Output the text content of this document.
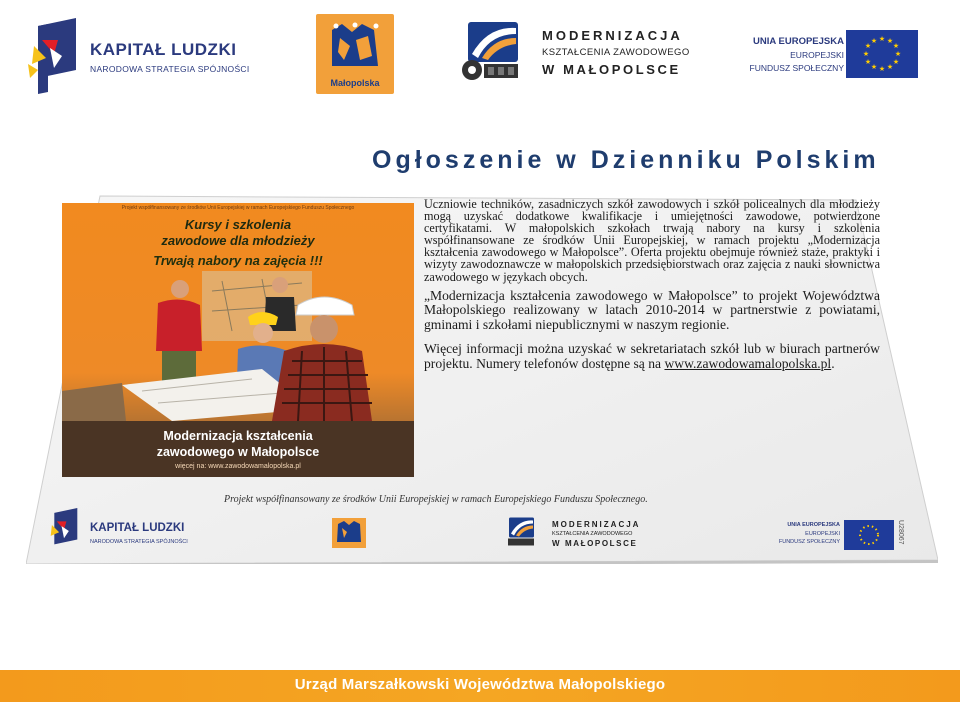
KAPITAŁ LUDZKI
NARODOWA STRATEGIA SPÓJNOŚCI
Małopolska
MODERNIZACJA
KSZTAŁCENIA ZAWODOWEGO
W MAŁOPOLSCE
UNIA EUROPEJSKA
EUROPEJSKI
FUNDUSZ SPOŁECZNY
★ ★
★
★
★
★
★
★
★
★
★
★
Ogłoszenie w Dzienniku Polskim
Projekt współfinansowany ze środków Unii Europejskiej w ramach Europejskiego Funduszu Społecznego
Kursy i szkolenia
zawodowe dla młodzieży
Trwają nabory na zajęcia !!!
Modernizacja kształcenia
zawodowego w Małopolsce
więcej na: www.zawodowamalopolska.pl

Uczniowie techników, zasadniczych szkół zawodowych i szkół policealnych dla młodzieży mogą uzyskać dodatkowe kwalifikacje i umiejętności zawodowe, potwierdzone certyfikatami. W małopolskich szkołach trwają nabory na kursy i szkolenia współfinansowane ze środków Unii Europejskiej, w ramach projektu „Modernizacja kształcenia zawodowego w Małopolsce”. Oferta projektu obejmuje również staże, praktyki i wizyty zawodoznawcze w małopolskich przedsiębiorstwach oraz zajęcia z nauki słownictwa zawodowego w językach obcych.

„Modernizacja kształcenia zawodowego w Małopolsce” to projekt Województwa Małopolskiego realizowany w latach 2010-2014 w partnerstwie z powiatami, gminami i szkołami niepublicznymi w naszym regionie.

Więcej informacji można uzyskać w sekretariatach szkół lub w biurach partnerów projektu. Numery telefonów dostępne są na www.zawodowamalopolska.pl.

Projekt współfinansowany ze środków Unii Europejskiej w ramach Europejskiego Funduszu Społecznego.
KAPITAŁ LUDZKI
NARODOWA STRATEGIA SPÓJNOŚCI
MODERNIZACJA
KSZTAŁCENIA ZAWODOWEGO
W MAŁOPOLSCE
UNIA EUROPEJSKA
EUROPEJSKI
FUNDUSZ SPOŁECZNY	U28067
Urząd Marszałkowski Województwa Małopolskiego
